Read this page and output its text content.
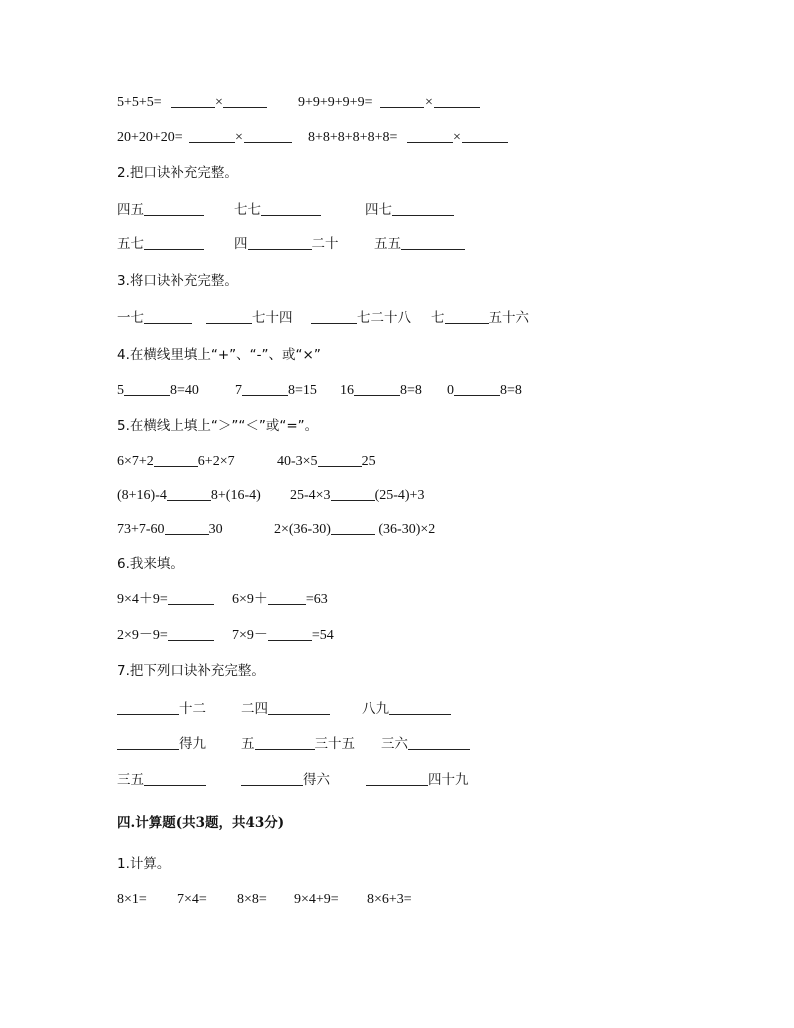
5+5+5=	×	9+9+9+9+9=	×
20+20+20=	×	8+8+8+8+8+8=	×
2.把口诀补充完整。
四五	七七	四七
五七	四	二十	五五
3.将口诀补充完整。
一七	七十四	七二十八 七	五十六
4.在横线里填上“+”、“-”、或“×”
5	8=40	7	8=15 16	8=8 0	8=8
5.在横线上填上“＞”“＜”或“=”。
6×7+2	6+2×7	40-3×5	25
(8+16)-4	8+(16-4) 25-4×3	(25-4)+3
73+7-60	30	2×(36-30)	(36-30)×2
6.我来填。
9×4＋9=	6×9＋	=63
2×9－9=	7×9－	=54
7.把下列口诀补充完整。
十二	二四	八九
得九	五	三十五 三六
三五	得六	四十九
四.计算题(共3题，共43分)
1.计算。
8×1= 7×4= 8×8= 9×4+9= 8×6+3=
